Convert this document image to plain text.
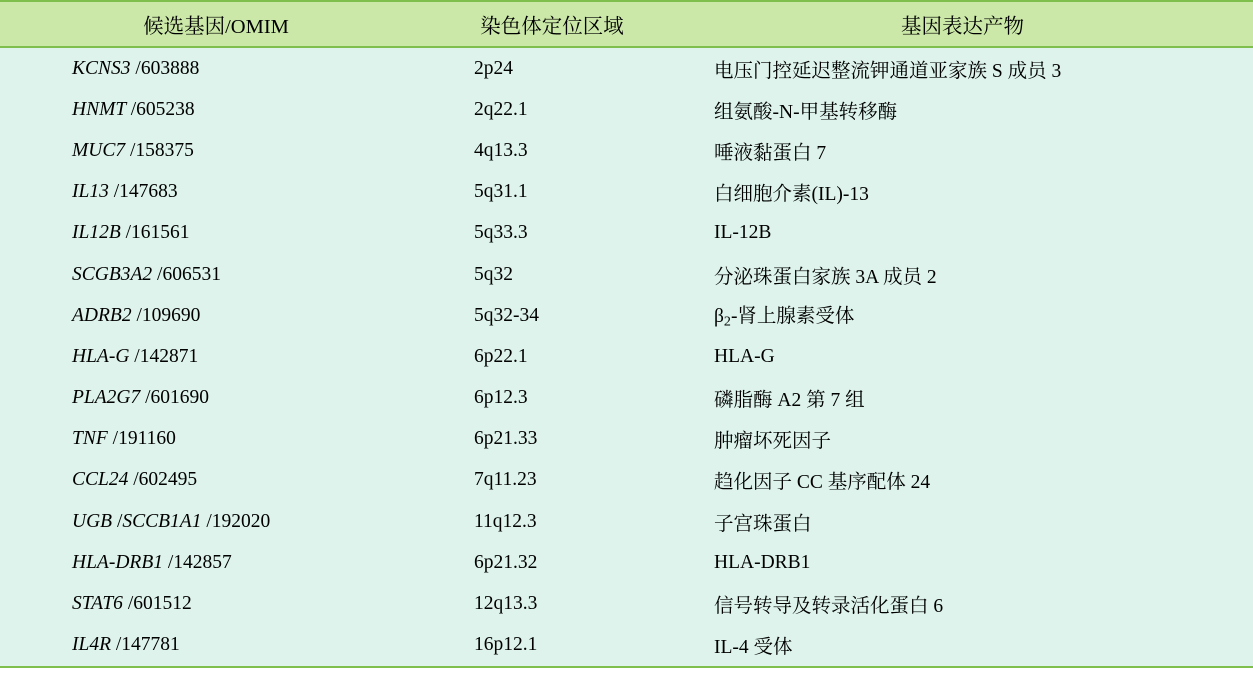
候选基因/OMIM	染色体定位区域	基因表达产物
KCNS3 /603888	2p24	电压门控延迟整流钾通道亚家族 S 成员 3
HNMT /605238	2q22.1	组氨酸-N-甲基转移酶
MUC7 /158375	4q13.3	唾液黏蛋白 7
IL13 /147683	5q31.1	白细胞介素(IL)-13
IL12B /161561	5q33.3	IL-12B
SCGB3A2 /606531	5q32	分泌珠蛋白家族 3A 成员 2
ADRB2 /109690	5q32-34	$\beta_2-$肾上腺素受体
HLA-G /142871	6p22.1	HLA-G
PLA2G7 /601690	6p12.3	磷脂酶 A2 第 7 组
TNF /191160	6p21.33	肿瘤坏死因子
CCL24 /602495	7q11.23	趋化因子 CC 基序配体 24
UGB /SCCB1A1 /192020	11q12.3	子宫珠蛋白
HLA-DRB1 /142857	6p21.32	HLA-DRB1
STAT6 /601512	12q13.3	信号转导及转录活化蛋白 6
IL4R /147781	16p12.1	IL-4 受体
